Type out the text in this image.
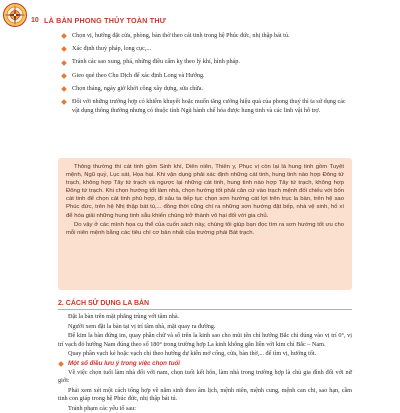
10 LÀ BÀN PHONG THỦY TOÀN THƯ
Chọn vị, hướng đặt cửa, phòng, bàn thờ theo cát tinh trong hệ Phúc đức, nhị thập bát tú.
Xác định thuỷ pháp, long cục,...
Tránh các sao xung, phá, những điều cấm kỵ theo lý khí, hình pháp.
Gieo quẻ theo Chu Dịch để xác định Long và Hướng.
Chọn tháng, ngày giờ khởi công xây dựng, sửa chữa.
Đối với những trường hợp có khiếm khuyết hoặc muốn tăng cường hiệu quả của phong thuỷ thì ta sử dụng các vật dụng thông thường nhưng có thuộc tính Ngũ hành chế hóa được hung tinh và các linh vật hỗ trợ.

Thông thường thì cát tinh gồm Sinh khí, Diên niên, Thiên y, Phục vị còn lại là hung tinh gồm Tuyệt mệnh, Ngũ quỷ, Lục sát, Họa hại. Khi vận dụng phải xác định những cát tinh, hung tinh nào hợp Đông tứ trạch, không hợp Tây tứ trạch và ngược lại những cát tinh, hung tinh nào hợp Tây tứ trạch, không hợp Đông tứ trạch. Khi chọn hướng tốt làm nhà, chọn hướng tốt phải căn cứ vào trạch mệnh đối chiếu với bốn cát tinh để chọn cát tinh phù hợp, đi sâu ta tiếp tục chọn sơn hướng cát lợi trên trục la bàn, trên hệ sao Phúc đức, trên hệ Nhị thập bát tú,... đồng thời cũng chí ra những sơn hướng đặt bếp, nhà vệ sinh, hố xí để hóa giải những hung tinh sẵu khiến chúng trở thành vô hại đối với gia chủ.

Do vậy ở các mình họa cụ thể của cuốn sách này, chúng tôi giúp bạn đọc tìm ra sơn hướng tốt ưu cho mỗi niên mệnh bằng các tiêu chí cơ bản nhất của trường phái Bát trạch.

2. CÁCH SỬ DỤNG LA BÀN

Đặt la bàn trên mặt phẳng trùng với tâm nhà.

Người xem đặt la bàn tại vị trí tâm nhà, mặt quay ra đường.

Để kim la bàn đứng im, quay phần chữ và số trên la kinh sao cho mũi tên chỉ hướng Bắc chỉ đúng vào vị trí 0°, vị trí vạch đỏ hướng Nam đúng theo số 180° trong trường hợp La kinh không gắn liền với kim chỉ Bắc – Nam.

Quay phần vạch kẻ hoặc vạch chỉ theo hướng dự kiến mở cổng, cửa, bàn thờ,... để tìm vị, hướng tốt.

Một số điều lưu ý trong việc chọn tuổi

Về việc chọn tuổi làm nhà đối với nam, chọn tuổi kết hôn, làm nhà trong trường hợp là chủ gia đình đối với nữ giới:

Phải xem xét một cách tổng hợp về năm sinh theo âm lịch, mệnh niên, mệnh cung, mệnh can chi, sao hạn, cầm tinh con giáp trong hệ Phúc đức, nhị thập bát tú.

Tránh phạm các yếu tố sau:
